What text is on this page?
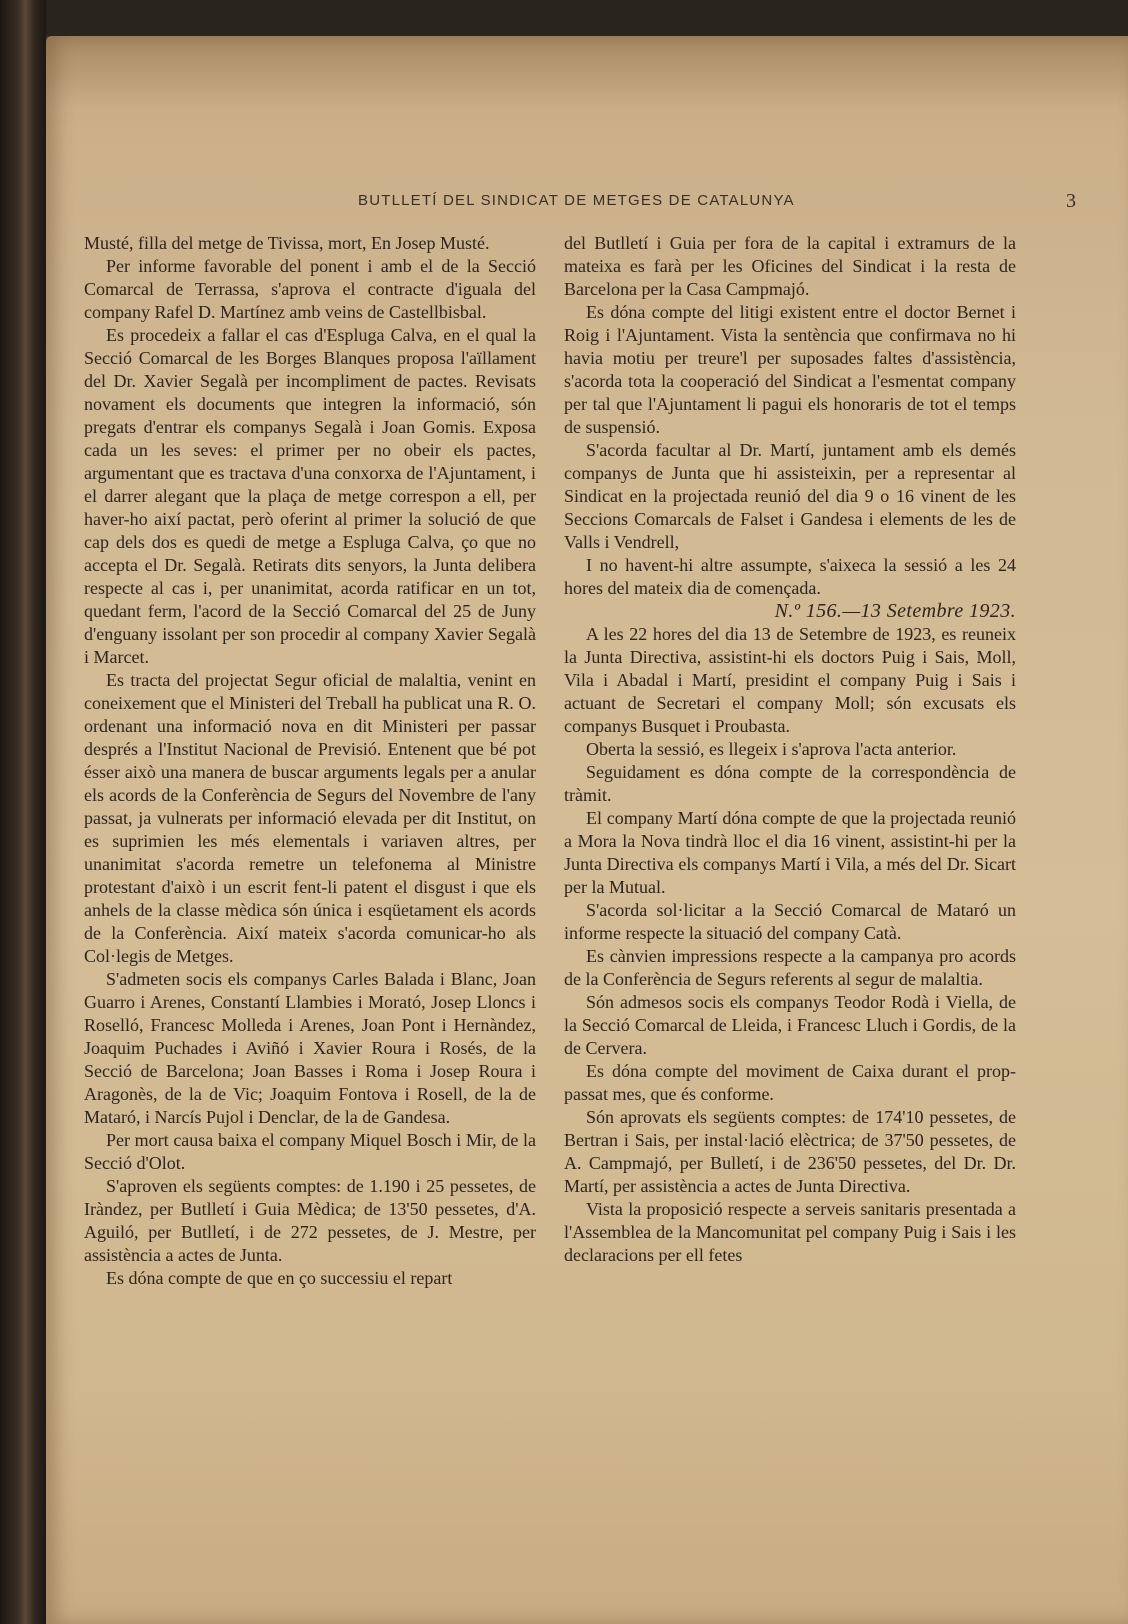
BUTLLETÍ DEL SINDICAT DE METGES DE CATALUNYA	3

Musté, filla del metge de Tivissa, mort, En Josep Musté.

Per informe favorable del ponent i amb el de la Secció Comarcal de Terrassa, s'aprova el contracte d'iguala del company Rafel D. Martínez amb veins de Castellbisbal.

Es procedeix a fallar el cas d'Espluga Calva, en el qual la Secció Comarcal de les Borges Blanques proposa l'aïllament del Dr. Xavier Segalà per incompliment de pactes. Revisats novament els documents que integren la informació, són pregats d'entrar els companys Segalà i Joan Gomis. Exposa cada un les seves: el primer per no obeir els pactes, argumentant que es tractava d'una conxorxa de l'Ajuntament, i el darrer alegant que la plaça de metge correspon a ell, per haver-ho així pactat, però oferint al primer la solució de que cap dels dos es quedi de metge a Espluga Calva, ço que no accepta el Dr. Segalà. Retirats dits senyors, la Junta delibera respecte al cas i, per unanimitat, acorda ratificar en un tot, quedant ferm, l'acord de la Secció Comarcal del 25 de Juny d'enguany issolant per son procedir al company Xavier Segalà i Marcet.

Es tracta del projectat Segur oficial de malaltia, venint en coneixement que el Ministeri del Treball ha publicat una R. O. ordenant una informació nova en dit Ministeri per passar després a l'Institut Nacional de Previsió. Entenent que bé pot ésser això una manera de buscar arguments legals per a anular els acords de la Conferència de Segurs del Novembre de l'any passat, ja vulnerats per informació elevada per dit Institut, on es suprimien les més elementals i variaven altres, per unanimitat s'acorda remetre un telefonema al Ministre protestant d'això i un escrit fent-li patent el disgust i que els anhels de la classe mèdica són única i esqüetament els acords de la Conferència. Així mateix s'acorda comunicar-ho als Col·legis de Metges.

S'admeten socis els companys Carles Balada i Blanc, Joan Guarro i Arenes, Constantí Llambies i Morató, Josep Lloncs i Roselló, Francesc Molleda i Arenes, Joan Pont i Hernàndez, Joaquim Puchades i Aviñó i Xavier Roura i Rosés, de la Secció de Barcelona; Joan Basses i Roma i Josep Roura i Aragonès, de la de Vic; Joaquim Fontova i Rosell, de la de Mataró, i Narcís Pujol i Denclar, de la de Gandesa.

Per mort causa baixa el company Miquel Bosch i Mir, de la Secció d'Olot.

S'aproven els següents comptes: de 1.190 i 25 pessetes, de Iràndez, per Butlletí i Guia Mèdica; de 13'50 pessetes, d'A. Aguiló, per Butlletí, i de 272 pessetes, de J. Mestre, per assistència a actes de Junta.

Es dóna compte de que en ço successiu el repart

del Butlletí i Guia per fora de la capital i extramurs de la mateixa es farà per les Oficines del Sindicat i la resta de Barcelona per la Casa Campmajó.

Es dóna compte del litigi existent entre el doctor Bernet i Roig i l'Ajuntament. Vista la sentència que confirmava no hi havia motiu per treure'l per suposades faltes d'assistència, s'acorda tota la cooperació del Sindicat a l'esmentat company per tal que l'Ajuntament li pagui els honoraris de tot el temps de suspensió.

S'acorda facultar al Dr. Martí, juntament amb els demés companys de Junta que hi assisteixin, per a representar al Sindicat en la projectada reunió del dia 9 o 16 vinent de les Seccions Comarcals de Falset i Gandesa i elements de les de Valls i Vendrell,

I no havent-hi altre assumpte, s'aixeca la sessió a les 24 hores del mateix dia de començada.

N.º 156.—13 Setembre 1923.

A les 22 hores del dia 13 de Setembre de 1923, es reuneix la Junta Directiva, assistint-hi els doctors Puig i Sais, Moll, Vila i Abadal i Martí, presidint el company Puig i Sais i actuant de Secretari el company Moll; són excusats els companys Busquet i Proubasta.

Oberta la sessió, es llegeix i s'aprova l'acta anterior.

Seguidament es dóna compte de la correspondència de tràmit.

El company Martí dóna compte de que la projectada reunió a Mora la Nova tindrà lloc el dia 16 vinent, assistint-hi per la Junta Directiva els companys Martí i Vila, a més del Dr. Sicart per la Mutual.

S'acorda sol·licitar a la Secció Comarcal de Mataró un informe respecte la situació del company Catà.

Es cànvien impressions respecte a la campanya pro acords de la Conferència de Segurs referents al segur de malaltia.

Són admesos socis els companys Teodor Rodà i Viella, de la Secció Comarcal de Lleida, i Francesc Lluch i Gordis, de la de Cervera.

Es dóna compte del moviment de Caixa durant el prop-passat mes, que és conforme.

Són aprovats els següents comptes: de 174'10 pessetes, de Bertran i Sais, per instal·lació elèctrica; de 37'50 pessetes, de A. Campmajó, per Bulletí, i de 236'50 pessetes, del Dr. Dr. Martí, per assistència a actes de Junta Directiva.

Vista la proposició respecte a serveis sanitaris presentada a l'Assemblea de la Mancomunitat pel company Puig i Sais i les declaracions per ell fetes
